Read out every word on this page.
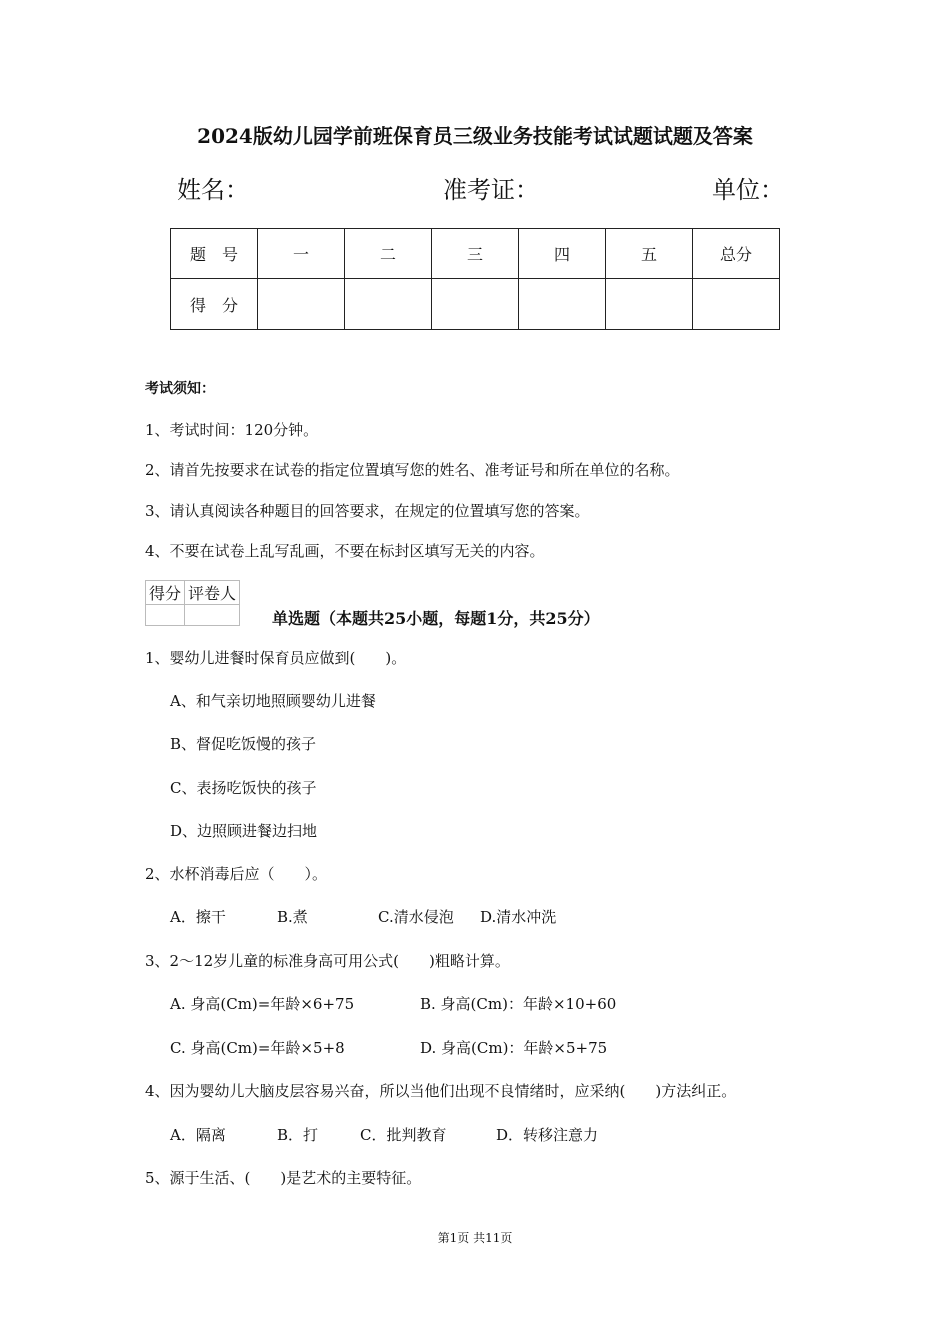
2024版幼儿园学前班保育员三级业务技能考试试题试题及答案
姓名：	准考证：	单位：
题　号	一	二	三	四	五	总分
得　分						
考试须知：
1、考试时间：120分钟。
2、请首先按要求在试卷的指定位置填写您的姓名、准考证号和所在单位的名称。
3、请认真阅读各种题目的回答要求，在规定的位置填写您的答案。
4、不要在试卷上乱写乱画，不要在标封区填写无关的内容。
得分	评卷人

单选题（本题共25小题，每题1分，共25分）
1、婴幼儿进餐时保育员应做到(　　)。
A、和气亲切地照顾婴幼儿进餐
B、督促吃饭慢的孩子
C、表扬吃饭快的孩子
D、边照顾进餐边扫地
2、水杯消毒后应（　　）。
A．擦干	B.煮	C.清水侵泡 D.清水冲洗
3、2～12岁儿童的标准身高可用公式(　　)粗略计算。
A. 身高(Cm)=年龄×6+75	B. 身高(Cm)：年龄×10+60
C. 身高(Cm)=年龄×5+8	D. 身高(Cm)：年龄×5+75
4、因为婴幼儿大脑皮层容易兴奋，所以当他们出现不良情绪时，应采纳(　　)方法纠正。
A．隔离	B．打	C．批判教育	D．转移注意力
5、源于生活、(　　)是艺术的主要特征。
第1页 共11页
